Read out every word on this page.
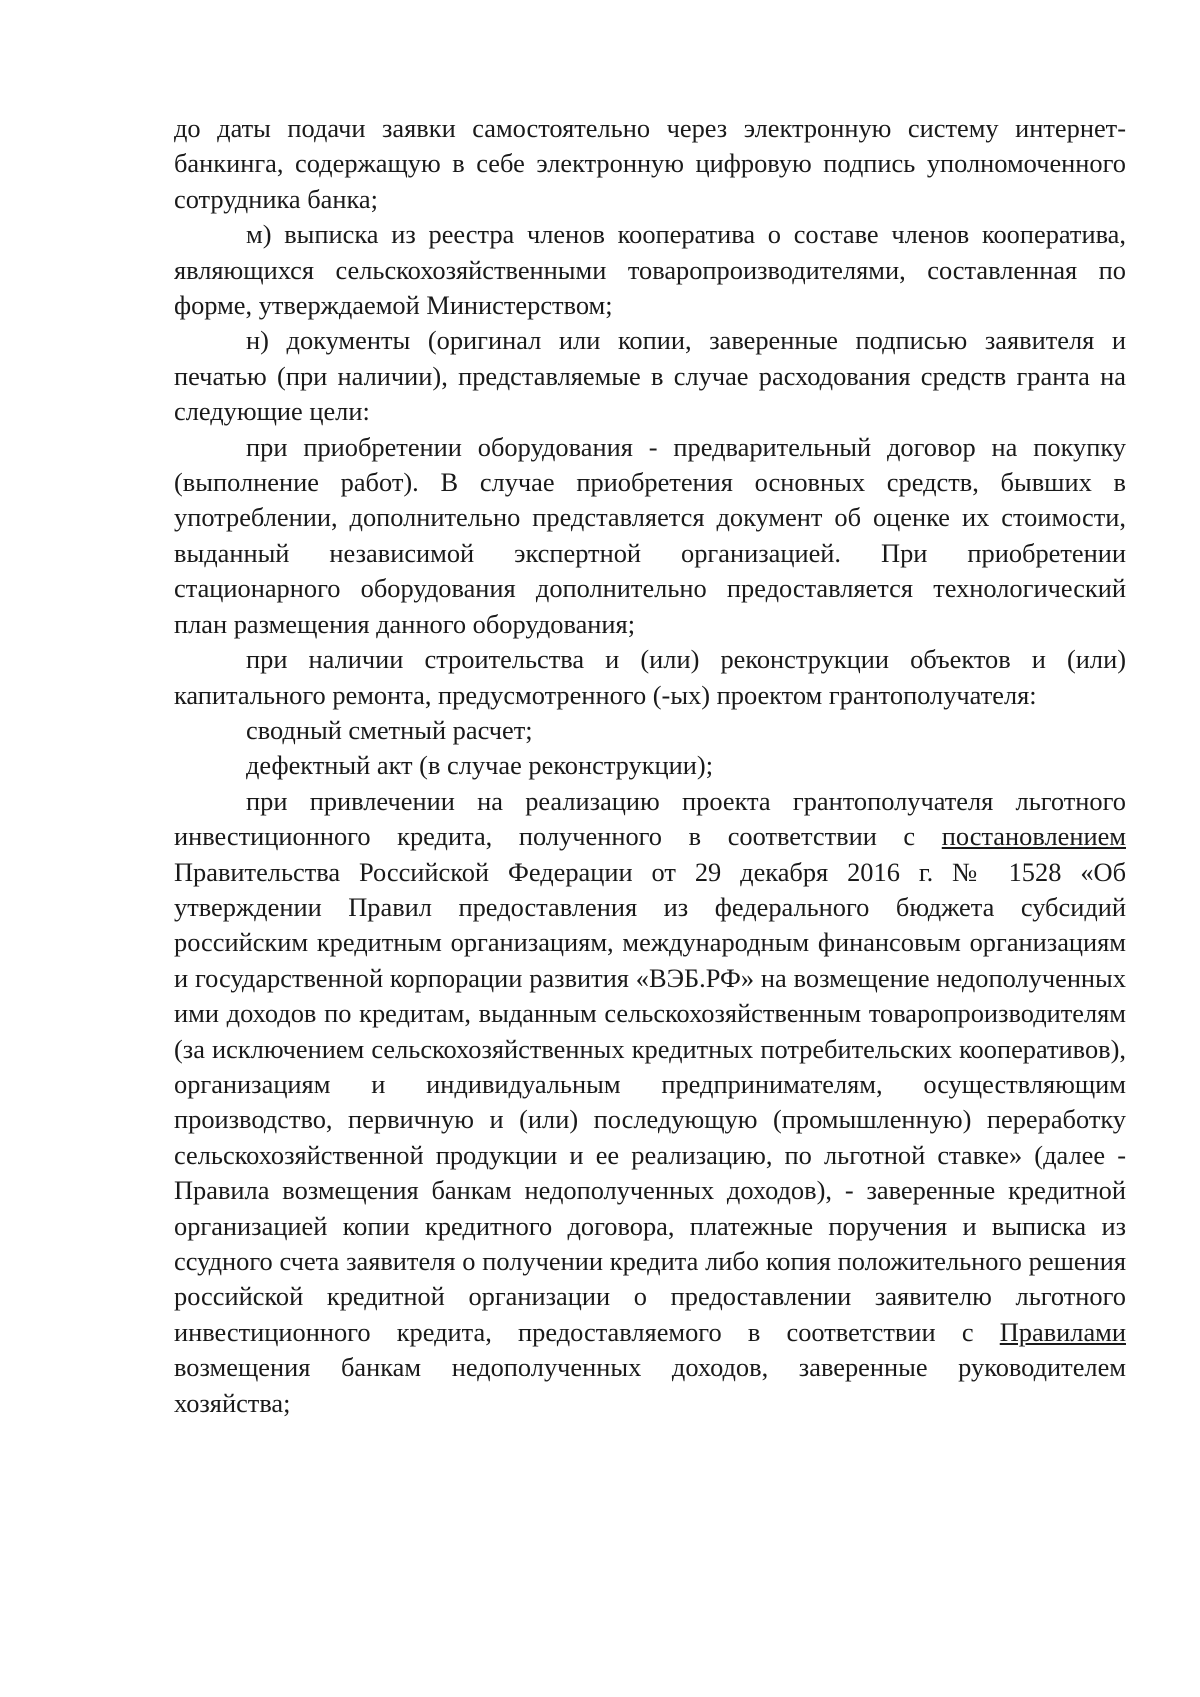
до даты подачи заявки самостоятельно через электронную систему интернет-банкинга, содержащую в себе электронную цифровую подпись уполномоченного сотрудника банка;

м) выписка из реестра членов кооператива о составе членов кооператива, являющихся сельскохозяйственными товаропроизводителями, составленная по форме, утверждаемой Министерством;

н) документы (оригинал или копии, заверенные подписью заявителя и печатью (при наличии), представляемые в случае расходования средств гранта на следующие цели:

при приобретении оборудования - предварительный договор на покупку (выполнение работ). В случае приобретения основных средств, бывших в употреблении, дополнительно представляется документ об оценке их стоимости, выданный независимой экспертной организацией. При приобретении стационарного оборудования дополнительно предоставляется технологический план размещения данного оборудования;

при наличии строительства и (или) реконструкции объектов и (или) капитального ремонта, предусмотренного (-ых) проектом грантополучателя:

сводный сметный расчет;

дефектный акт (в случае реконструкции);

при привлечении на реализацию проекта грантополучателя льготного инвестиционного кредита, полученного в соответствии с постановлением Правительства Российской Федерации от 29 декабря 2016 г. № 1528 «Об утверждении Правил предоставления из федерального бюджета субсидий российским кредитным организациям, международным финансовым организациям и государственной корпорации развития «ВЭБ.РФ» на возмещение недополученных ими доходов по кредитам, выданным сельскохозяйственным товаропроизводителям (за исключением сельскохозяйственных кредитных потребительских кооперативов), организациям и индивидуальным предпринимателям, осуществляющим производство, первичную и (или) последующую (промышленную) переработку сельскохозяйственной продукции и ее реализацию, по льготной ставке» (далее - Правила возмещения банкам недополученных доходов), - заверенные кредитной организацией копии кредитного договора, платежные поручения и выписка из ссудного счета заявителя о получении кредита либо копия положительного решения российской кредитной организации о предоставлении заявителю льготного инвестиционного кредита, предоставляемого в соответствии с Правилами возмещения банкам недополученных доходов, заверенные руководителем хозяйства;
